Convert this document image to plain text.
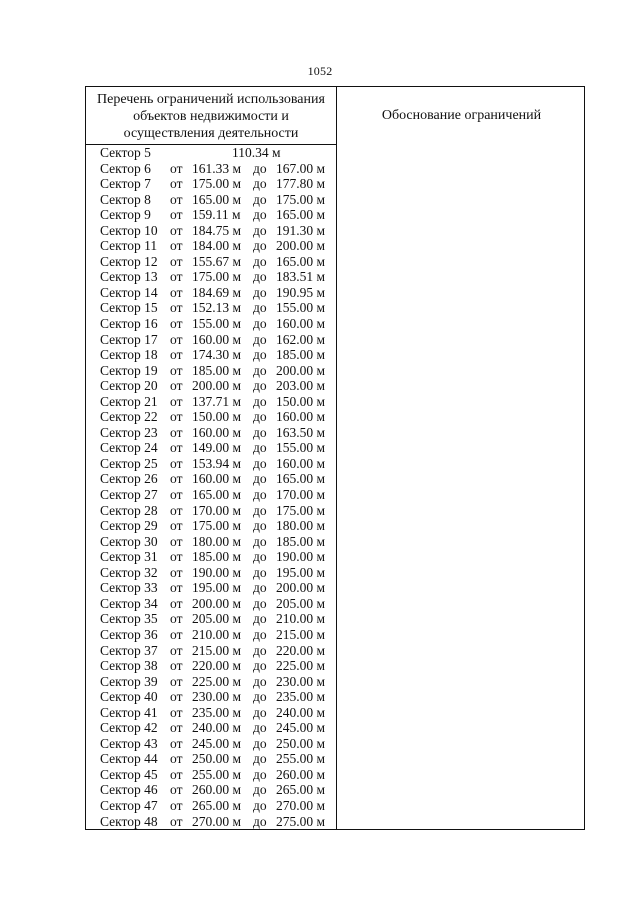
1052
Перечень ограничений использования
объектов недвижимости и
осуществления деятельности
Обоснование ограничений
Сектор 5	110.34 м
Сектор 6 от 161.33 м до 167.00 м
Сектор 7 от 175.00 м до 177.80 м
Сектор 8 от 165.00 м до 175.00 м
Сектор 9 от 159.11 м до 165.00 м
Сектор 10 от 184.75 м до 191.30 м
Сектор 11 от 184.00 м до 200.00 м
Сектор 12 от 155.67 м до 165.00 м
Сектор 13 от 175.00 м до 183.51 м
Сектор 14 от 184.69 м до 190.95 м
Сектор 15 от 152.13 м до 155.00 м
Сектор 16 от 155.00 м до 160.00 м
Сектор 17 от 160.00 м до 162.00 м
Сектор 18 от 174.30 м до 185.00 м
Сектор 19 от 185.00 м до 200.00 м
Сектор 20 от 200.00 м до 203.00 м
Сектор 21 от 137.71 м до 150.00 м
Сектор 22 от 150.00 м до 160.00 м
Сектор 23 от 160.00 м до 163.50 м
Сектор 24 от 149.00 м до 155.00 м
Сектор 25 от 153.94 м до 160.00 м
Сектор 26 от 160.00 м до 165.00 м
Сектор 27 от 165.00 м до 170.00 м
Сектор 28 от 170.00 м до 175.00 м
Сектор 29 от 175.00 м до 180.00 м
Сектор 30 от 180.00 м до 185.00 м
Сектор 31 от 185.00 м до 190.00 м
Сектор 32 от 190.00 м до 195.00 м
Сектор 33 от 195.00 м до 200.00 м
Сектор 34 от 200.00 м до 205.00 м
Сектор 35 от 205.00 м до 210.00 м
Сектор 36 от 210.00 м до 215.00 м
Сектор 37 от 215.00 м до 220.00 м
Сектор 38 от 220.00 м до 225.00 м
Сектор 39 от 225.00 м до 230.00 м
Сектор 40 от 230.00 м до 235.00 м
Сектор 41 от 235.00 м до 240.00 м
Сектор 42 от 240.00 м до 245.00 м
Сектор 43 от 245.00 м до 250.00 м
Сектор 44 от 250.00 м до 255.00 м
Сектор 45 от 255.00 м до 260.00 м
Сектор 46 от 260.00 м до 265.00 м
Сектор 47 от 265.00 м до 270.00 м
Сектор 48 от 270.00 м до 275.00 м
